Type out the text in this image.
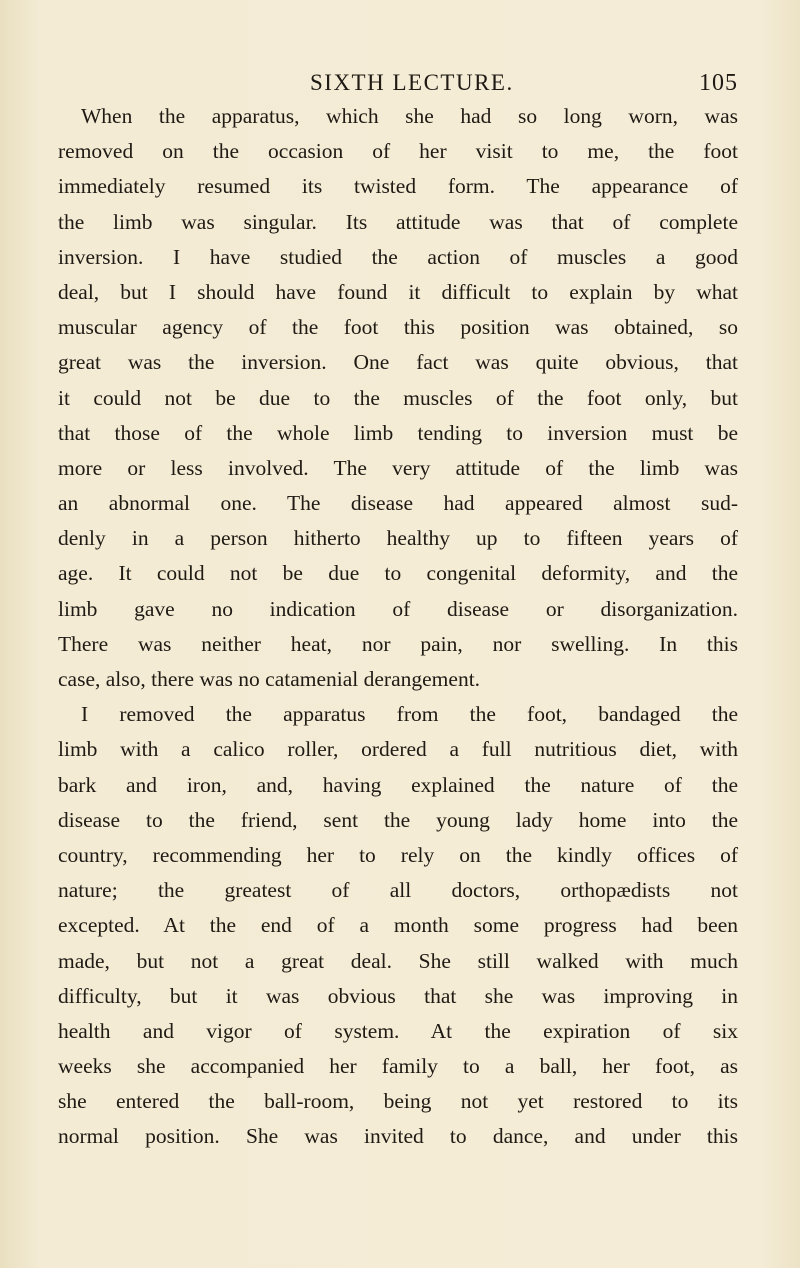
SIXTH LECTURE.	105
When the apparatus, which she had so long worn, was
removed on the occasion of her visit to me, the foot
immediately resumed its twisted form. The appearance of
the limb was singular. Its attitude was that of complete
inversion. I have studied the action of muscles a good
deal, but I should have found it difficult to explain by what
muscular agency of the foot this position was obtained, so
great was the inversion. One fact was quite obvious, that
it could not be due to the muscles of the foot only, but
that those of the whole limb tending to inversion must be
more or less involved. The very attitude of the limb was
an abnormal one. The disease had appeared almost sud-
denly in a person hitherto healthy up to fifteen years of
age. It could not be due to congenital deformity, and the
limb gave no indication of disease or disorganization.
There was neither heat, nor pain, nor swelling. In this
case, also, there was no catamenial derangement.
I removed the apparatus from the foot, bandaged the
limb with a calico roller, ordered a full nutritious diet, with
bark and iron, and, having explained the nature of the
disease to the friend, sent the young lady home into the
country, recommending her to rely on the kindly offices of
nature; the greatest of all doctors, orthopædists not
excepted. At the end of a month some progress had been
made, but not a great deal. She still walked with much
difficulty, but it was obvious that she was improving in
health and vigor of system. At the expiration of six
weeks she accompanied her family to a ball, her foot, as
she entered the ball-room, being not yet restored to its
normal position. She was invited to dance, and under this
